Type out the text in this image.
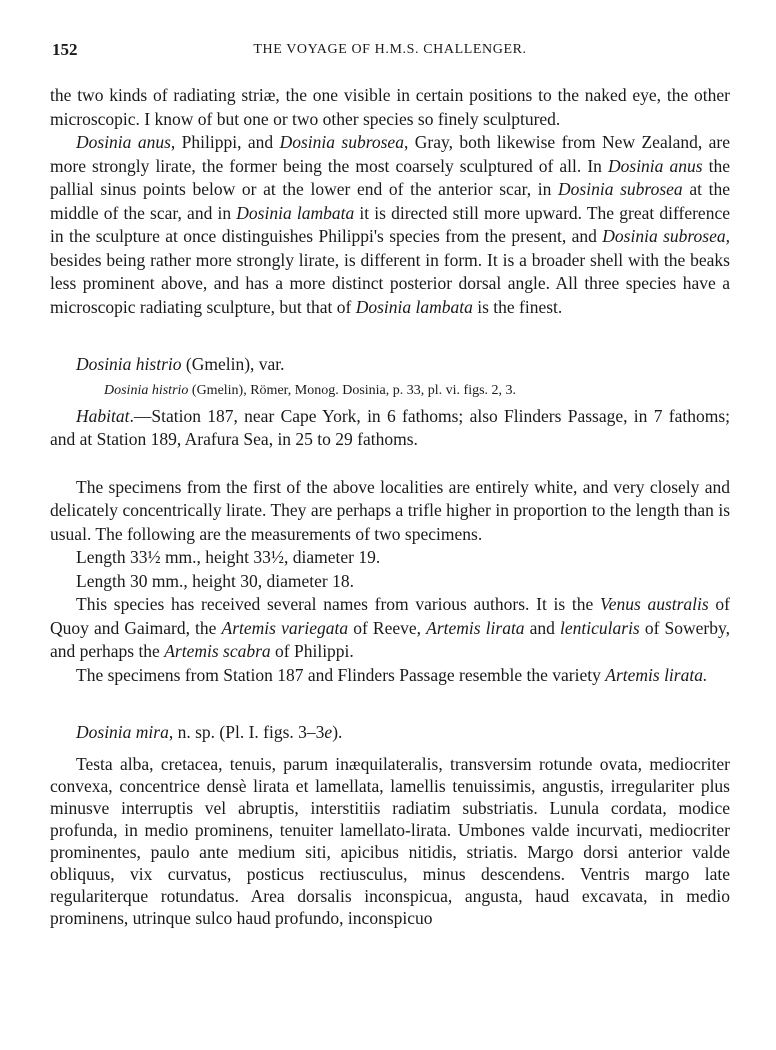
152	THE VOYAGE OF H.M.S. CHALLENGER.

the two kinds of radiating striæ, the one visible in certain positions to the naked eye, the other microscopic. I know of but one or two other species so finely sculptured.

Dosinia anus, Philippi, and Dosinia subrosea, Gray, both likewise from New Zealand, are more strongly lirate, the former being the most coarsely sculptured of all. In Dosinia anus the pallial sinus points below or at the lower end of the anterior scar, in Dosinia subrosea at the middle of the scar, and in Dosinia lambata it is directed still more upward. The great difference in the sculpture at once distinguishes Philippi's species from the present, and Dosinia subrosea, besides being rather more strongly lirate, is different in form. It is a broader shell with the beaks less prominent above, and has a more distinct posterior dorsal angle. All three species have a microscopic radiating sculpture, but that of Dosinia lambata is the finest.

Dosinia histrio (Gmelin), var.

Dosinia histrio (Gmelin), Römer, Monog. Dosinia, p. 33, pl. vi. figs. 2, 3.

Habitat.—Station 187, near Cape York, in 6 fathoms; also Flinders Passage, in 7 fathoms; and at Station 189, Arafura Sea, in 25 to 29 fathoms.

The specimens from the first of the above localities are entirely white, and very closely and delicately concentrically lirate. They are perhaps a trifle higher in proportion to the length than is usual. The following are the measurements of two specimens.

Length 33½ mm., height 33½, diameter 19.

Length 30 mm., height 30, diameter 18.

This species has received several names from various authors. It is the Venus australis of Quoy and Gaimard, the Artemis variegata of Reeve, Artemis lirata and lenticularis of Sowerby, and perhaps the Artemis scabra of Philippi.

The specimens from Station 187 and Flinders Passage resemble the variety Artemis lirata.

Dosinia mira, n. sp. (Pl. I. figs. 3–3e).

Testa alba, cretacea, tenuis, parum inæquilateralis, transversim rotunde ovata, mediocriter convexa, concentrice densè lirata et lamellata, lamellis tenuissimis, angustis, irregulariter plus minusve interruptis vel abruptis, interstitiis radiatim substriatis. Lunula cordata, modice profunda, in medio prominens, tenuiter lamellato-lirata. Umbones valde incurvati, mediocriter prominentes, paulo ante medium siti, apicibus nitidis, striatis. Margo dorsi anterior valde obliquus, vix curvatus, posticus rectiusculus, minus descendens. Ventris margo late regulariterque rotundatus. Area dorsalis inconspicua, angusta, haud excavata, in medio prominens, utrinque sulco haud profundo, inconspicuo
